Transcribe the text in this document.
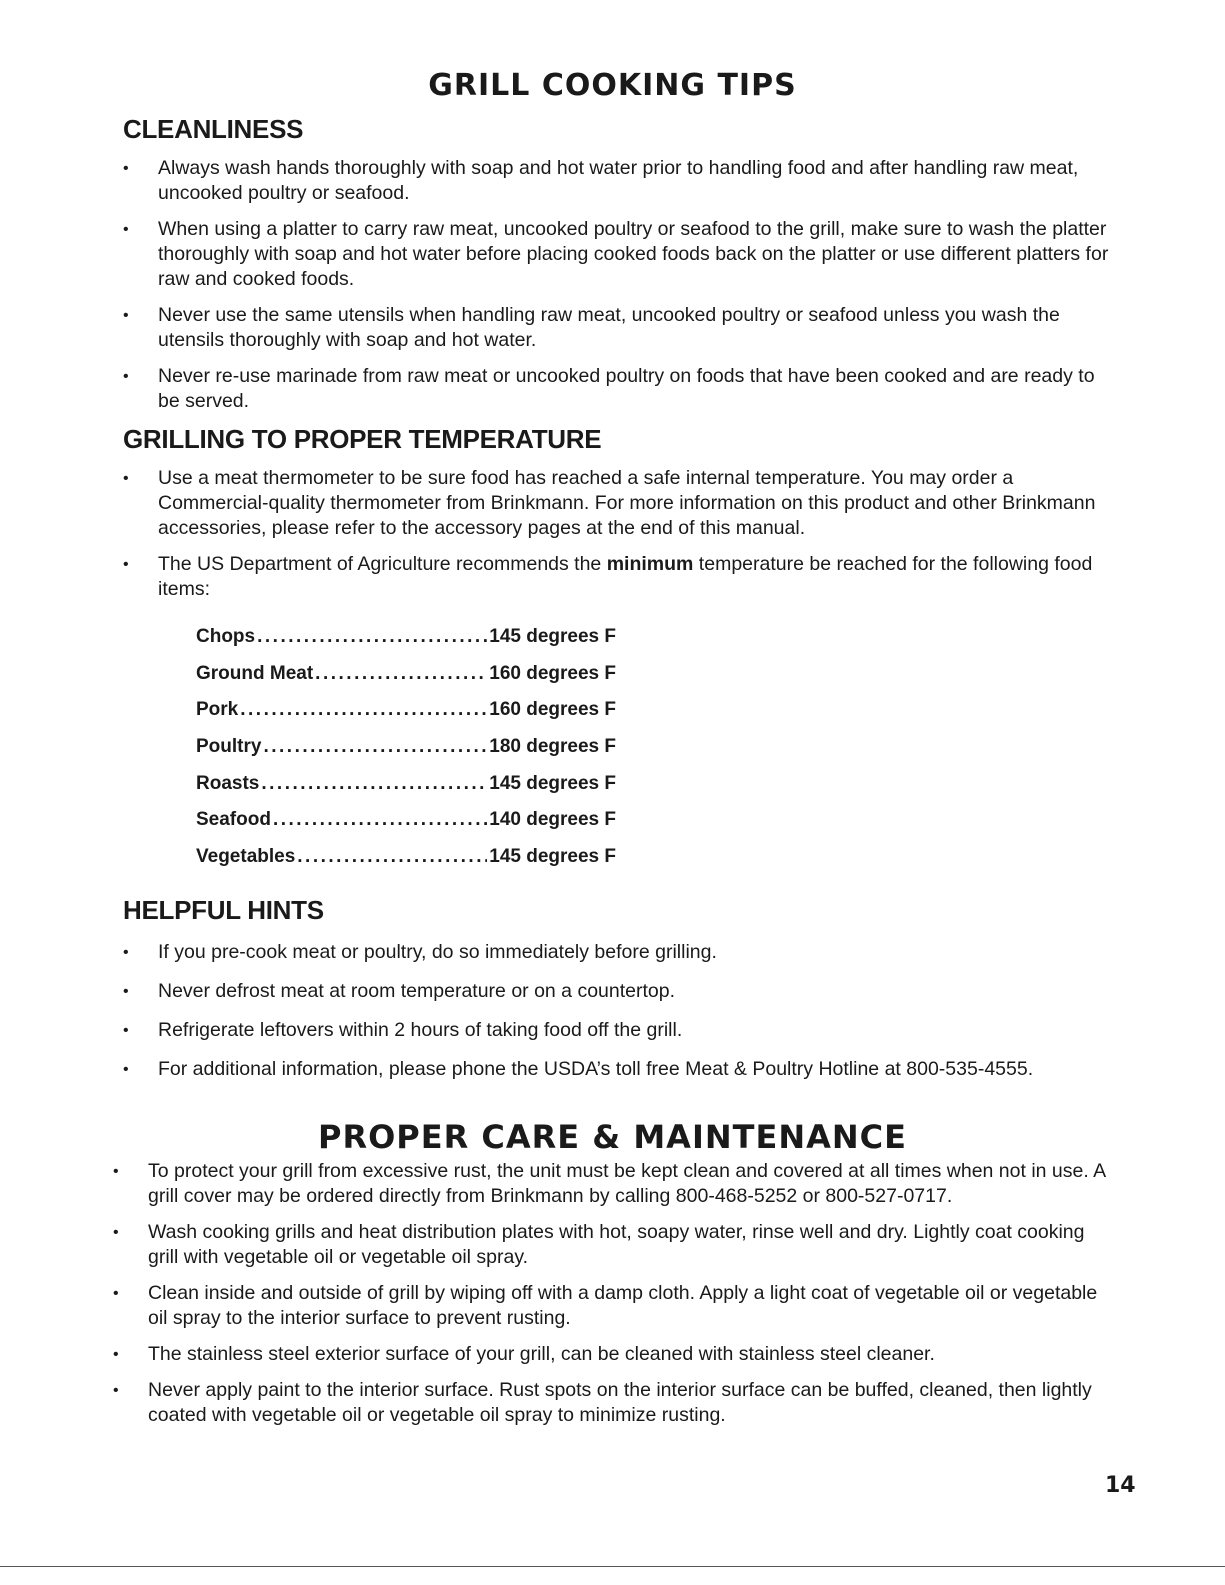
GRILL COOKING TIPS
CLEANLINESS
• Always wash hands thoroughly with soap and hot water prior to handling food and after handling raw meat, uncooked poultry or seafood.
• When using a platter to carry raw meat, uncooked poultry or seafood to the grill, make sure to wash the platter thoroughly with soap and hot water before placing cooked foods back on the platter or use different platters for raw and cooked foods.
• Never use the same utensils when handling raw meat, uncooked poultry or seafood unless you wash the utensils thoroughly with soap and hot water.
• Never re-use marinade from raw meat or uncooked poultry on foods that have been cooked and are ready to be served.
GRILLING TO PROPER TEMPERATURE
• Use a meat thermometer to be sure food has reached a safe internal temperature. You may order a Commercial-quality thermometer from Brinkmann. For more information on this product and other Brinkmann accessories, please refer to the accessory pages at the end of this manual.
• The US Department of Agriculture recommends the minimum temperature be reached for the following food items:
Chops .....	145 degrees F
Ground Meat .....	160 degrees F
Pork .....	160 degrees F
Poultry .....	180 degrees F
Roasts .....	145 degrees F
Seafood .....	140 degrees F
Vegetables .....	145 degrees F
HELPFUL HINTS
• If you pre-cook meat or poultry, do so immediately before grilling.
• Never defrost meat at room temperature or on a countertop.
• Refrigerate leftovers within 2 hours of taking food off the grill.
• For additional information, please phone the USDA’s toll free Meat & Poultry Hotline at 800-535-4555.
PROPER CARE & MAINTENANCE
• To protect your grill from excessive rust, the unit must be kept clean and covered at all times when not in use. A grill cover may be ordered directly from Brinkmann by calling 800-468-5252 or 800-527-0717.
• Wash cooking grills and heat distribution plates with hot, soapy water, rinse well and dry. Lightly coat cooking grill with vegetable oil or vegetable oil spray.
• Clean inside and outside of grill by wiping off with a damp cloth. Apply a light coat of vegetable oil or vegetable oil spray to the interior surface to prevent rusting.
• The stainless steel exterior surface of your grill, can be cleaned with stainless steel cleaner.
• Never apply paint to the interior surface. Rust spots on the interior surface can be buffed, cleaned, then lightly coated with vegetable oil or vegetable oil spray to minimize rusting.
14
